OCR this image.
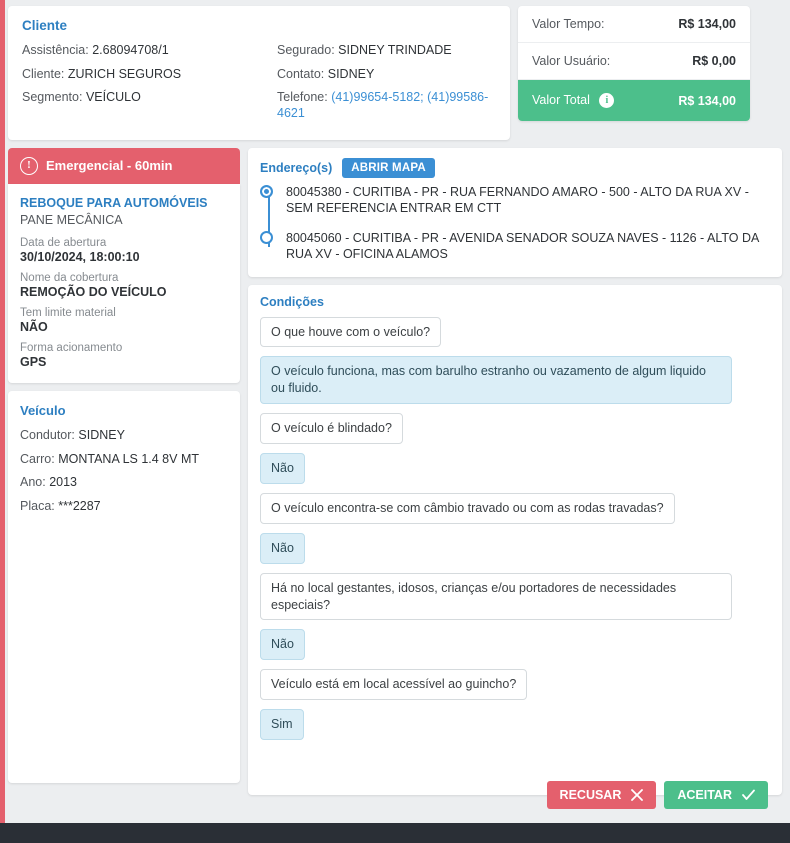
Cliente
Assistência: 2.68094708/1
Cliente: ZURICH SEGUROS
Segmento: VEÍCULO
Segurado: SIDNEY TRINDADE
Contato: SIDNEY
Telefone: (41)99654-5182; (41)99586-4621
Valor Tempo:	R$ 134,00
Valor Usuário:	R$ 0,00
Valor Total i	R$ 134,00
!	Emergencial - 60min
REBOQUE PARA AUTOMÓVEIS
PANE MECÂNICA
Data de abertura
30/10/2024, 18:00:10
Nome da cobertura
REMOÇÃO DO VEÍCULO
Tem limite material
NÃO
Forma acionamento
GPS
Veículo
Condutor: SIDNEY
Carro: MONTANA LS 1.4 8V MT
Ano: 2013
Placa: ***2287
Endereço(s)	ABRIR MAPA
80045380 - CURITIBA - PR - RUA FERNANDO AMARO - 500 - ALTO DA RUA XV - SEM REFERENCIA ENTRAR EM CTT
80045060 - CURITIBA - PR - AVENIDA SENADOR SOUZA NAVES - 1126 - ALTO DA RUA XV - OFICINA ALAMOS
Condições
O que houve com o veículo?
O veículo funciona, mas com barulho estranho ou vazamento de algum liquido ou fluido.
O veículo é blindado?
Não
O veículo encontra-se com câmbio travado ou com as rodas travadas?
Não
Há no local gestantes, idosos, crianças e/ou portadores de necessidades especiais?
Não
Veículo está em local acessível ao guincho?
Sim
RECUSAR	ACEITAR
